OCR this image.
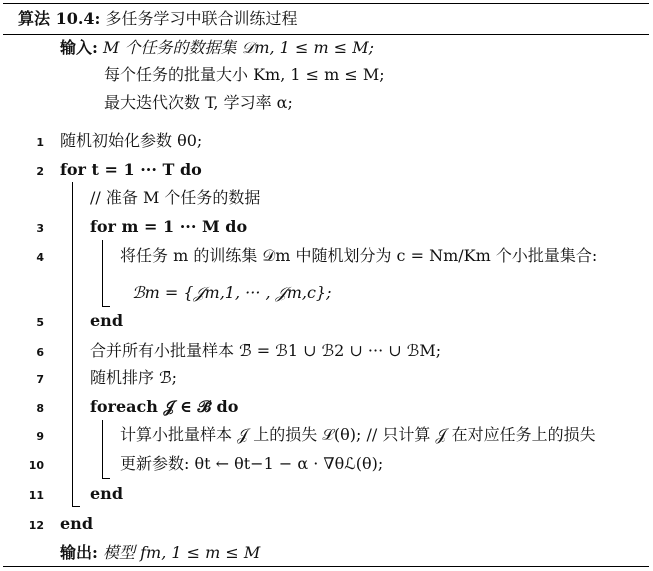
算法 10.4: 多任务学习中联合训练过程
输入: M 个任务的数据集 𝒟m, 1 ≤ m ≤ M;
每个任务的批量大小 Km, 1 ≤ m ≤ M;
最大迭代次数 T, 学习率 α;
1 随机初始化参数 θ0;
2 for t = 1 ··· T do
// 准备 M 个任务的数据
3	for m = 1 ··· M do
4	将任务 m 的训练集 𝒟m 中随机划分为 c = Nm/Km 个小批量集合:
ℬm = {𝒥m,1, ··· , 𝒥m,c};
5	end
6	合并所有小批量样本 ℬ̄ = ℬ1 ∪ ℬ2 ∪ ··· ∪ ℬM;
7	随机排序 ℬ̄;
8	foreach 𝒥 ∈ ℬ̄ do
9	计算小批量样本 𝒥 上的损失 ℒ(θ); // 只计算 𝒥 在对应任务上的损失
10	更新参数: θt ← θt−1 − α · ∇θℒ(θ);
11	end
12 end
输出: 模型 fm, 1 ≤ m ≤ M
